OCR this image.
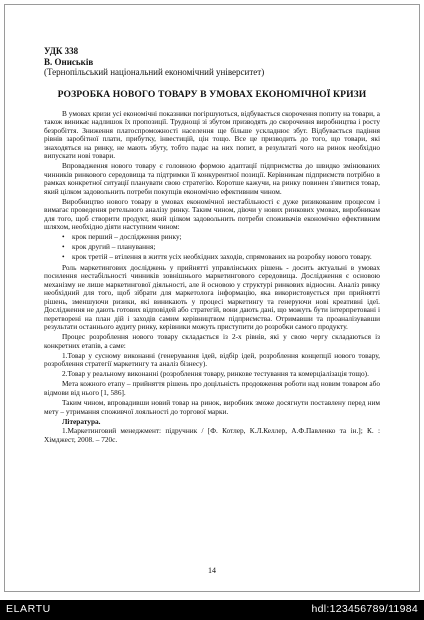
УДК 338
В. Ониськів
(Тернопільський національний економічний університет)
РОЗРОБКА НОВОГО ТОВАРУ В УМОВАХ ЕКОНОМІЧНОЇ КРИЗИ

В умовах кризи усі економічні показники погіршуються, відбувається скорочення попиту на товари, а також виникає надлишок їх пропозиції. Труднощі зі збутом призводять до скорочення виробництва і росту безробіття. Зниження платоспроможності населення ще більше ускладнює збут. Відбувається падіння рівнів заробітної плати, прибутку, інвестицій, цін тощо. Все це призводить до того, що товари, які знаходяться на ринку, не мають збуту, тобто падає на них попит, в результаті чого на ринок необхідно випускати нові товари.

Впровадження нового товару є головною формою адаптації підприємства до швидко змінюваних чинників ринкового середовища та підтримки її конкурентної позиції. Керівникам підприємств потрібно в рамках конкретної ситуації планувати свою стратегію. Коротше кажучи, на ринку повинен з'явитися товар, який цілком задовольнить потреби покупців економічно ефективним чином.

Виробництво нового товару в умовах економічної нестабільності є дуже ризикованим процесом і вимагає проведення ретельного аналізу ринку. Таким чином, діючи у нових ринкових умовах, виробникам для того, щоб створити продукт, який цілком задовольнить потреби споживачів економічно ефективним шляхом, необхідно діяти наступним чином:

• крок перший – дослідження ринку;
• крок другий – планування;
• крок третій – втілення в життя усіх необхідних заходів, спрямованих на розробку нового товару.

Роль маркетингових досліджень у прийнятті управлінських рішень - досить актуальні в умовах посилення нестабільності чинників зовнішнього маркетингового середовища. Дослідження є основою механізму не лише маркетингової діяльності, але й основою у структурі ринкових відносин. Аналіз ринку необхідний для того, щоб зібрати для маркетолога інформацію, яка використовується при прийнятті рішень, зменшуючи ризики, які виникають у процесі маркетингу та генеруючи нові креативні ідеї. Дослідження не дають готових відповідей або стратегій, вони дають дані, що можуть бути інтерпретовані і перетворені на план дій і заходів самим керівництвом підприємства. Отримавши та проаналізувавши результати останнього аудиту ринку, керівники можуть приступити до розробки самого продукту.

Процес розроблення нового товару складається із 2-х рівнів, які у свою чергу складаються із конкретних етапів, а саме:

1.Товар у сусному виконанні (генерування ідей, відбір ідей, розроблення концепції нового товару, розроблення стратегії маркетингу та аналіз бізнесу).

2.Товар у реальному виконанні (розроблення товару, ринкове тестування та комерціалізація тощо).

Мета кожного етапу – прийняття рішень про доцільність продовження роботи над новим товаром або відмови від нього [1, 586].

Таким чином, впровадивши новий товар на ринок, виробник зможе досягнути поставлену перед ним мету – утримання споживчої лояльності до торгової марки.

Література.

1.Маркетинговий менеджмент: підручник / [Ф. Котлер, К.Л.Келлер, А.Ф.Павленко та ін.]; К. : Хімджест, 2008. – 720с.

14
ELARTU	hdl:123456789/11984
